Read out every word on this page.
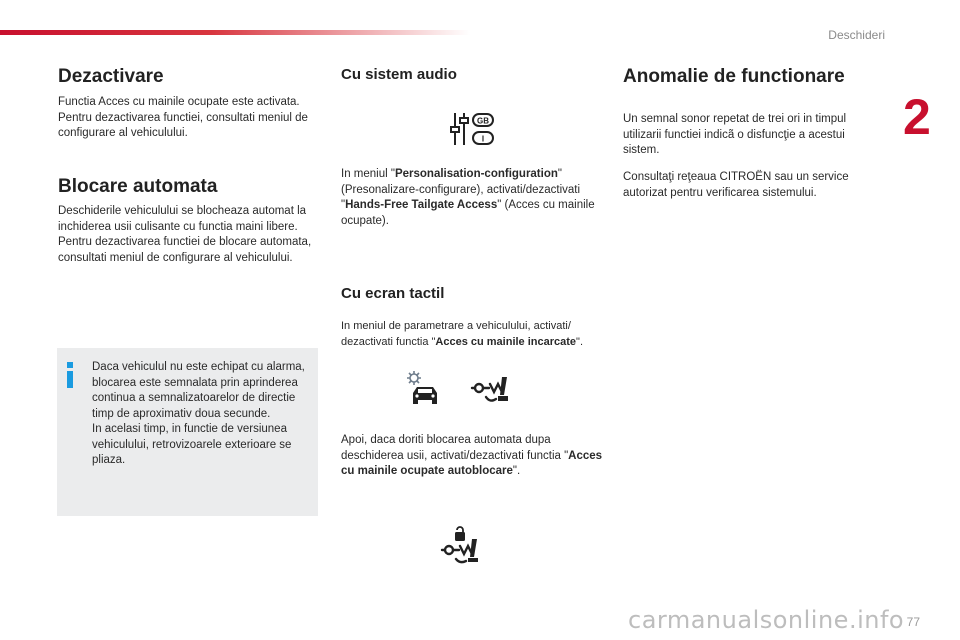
Deschideri
2
Dezactivare

Functia Acces cu mainile ocupate este activata. Pentru dezactivarea functiei, consultati meniul de configurare al vehiculului.

Blocare automata

Deschiderile vehiculului se blocheaza automat la inchiderea usii culisante cu functia maini libere.

Pentru dezactivarea functiei de blocare automata, consultati meniul de configurare al vehiculului.

Daca vehiculul nu este echipat cu alarma, blocarea este semnalata prin aprinderea continua a semnalizatoarelor de directie timp de aproximativ doua secunde.
In acelasi timp, in functie de versiunea vehiculului, retrovizoarele exterioare se pliaza.
Cu sistem audio
GB
I

In meniul "Personalisation-configuration" (Presonalizare-configurare), activati/dezactivati "Hands-Free Tailgate Access" (Acces cu mainile ocupate).

Cu ecran tactil

In meniul de parametrare a vehiculului, activati/ dezactivati functia "Acces cu mainile incarcate".

Apoi, daca doriti blocarea automata dupa deschiderea usii, activati/dezactivati functia "Acces cu mainile ocupate autoblocare".

Anomalie de functionare

Un semnal sonor repetat de trei ori in timpul utilizarii functiei indicã o disfuncţie a acestui sistem.

Consultaţi reţeaua CITROËN sau un service autorizat pentru verificarea sistemului.

carmanualsonline.info 77
